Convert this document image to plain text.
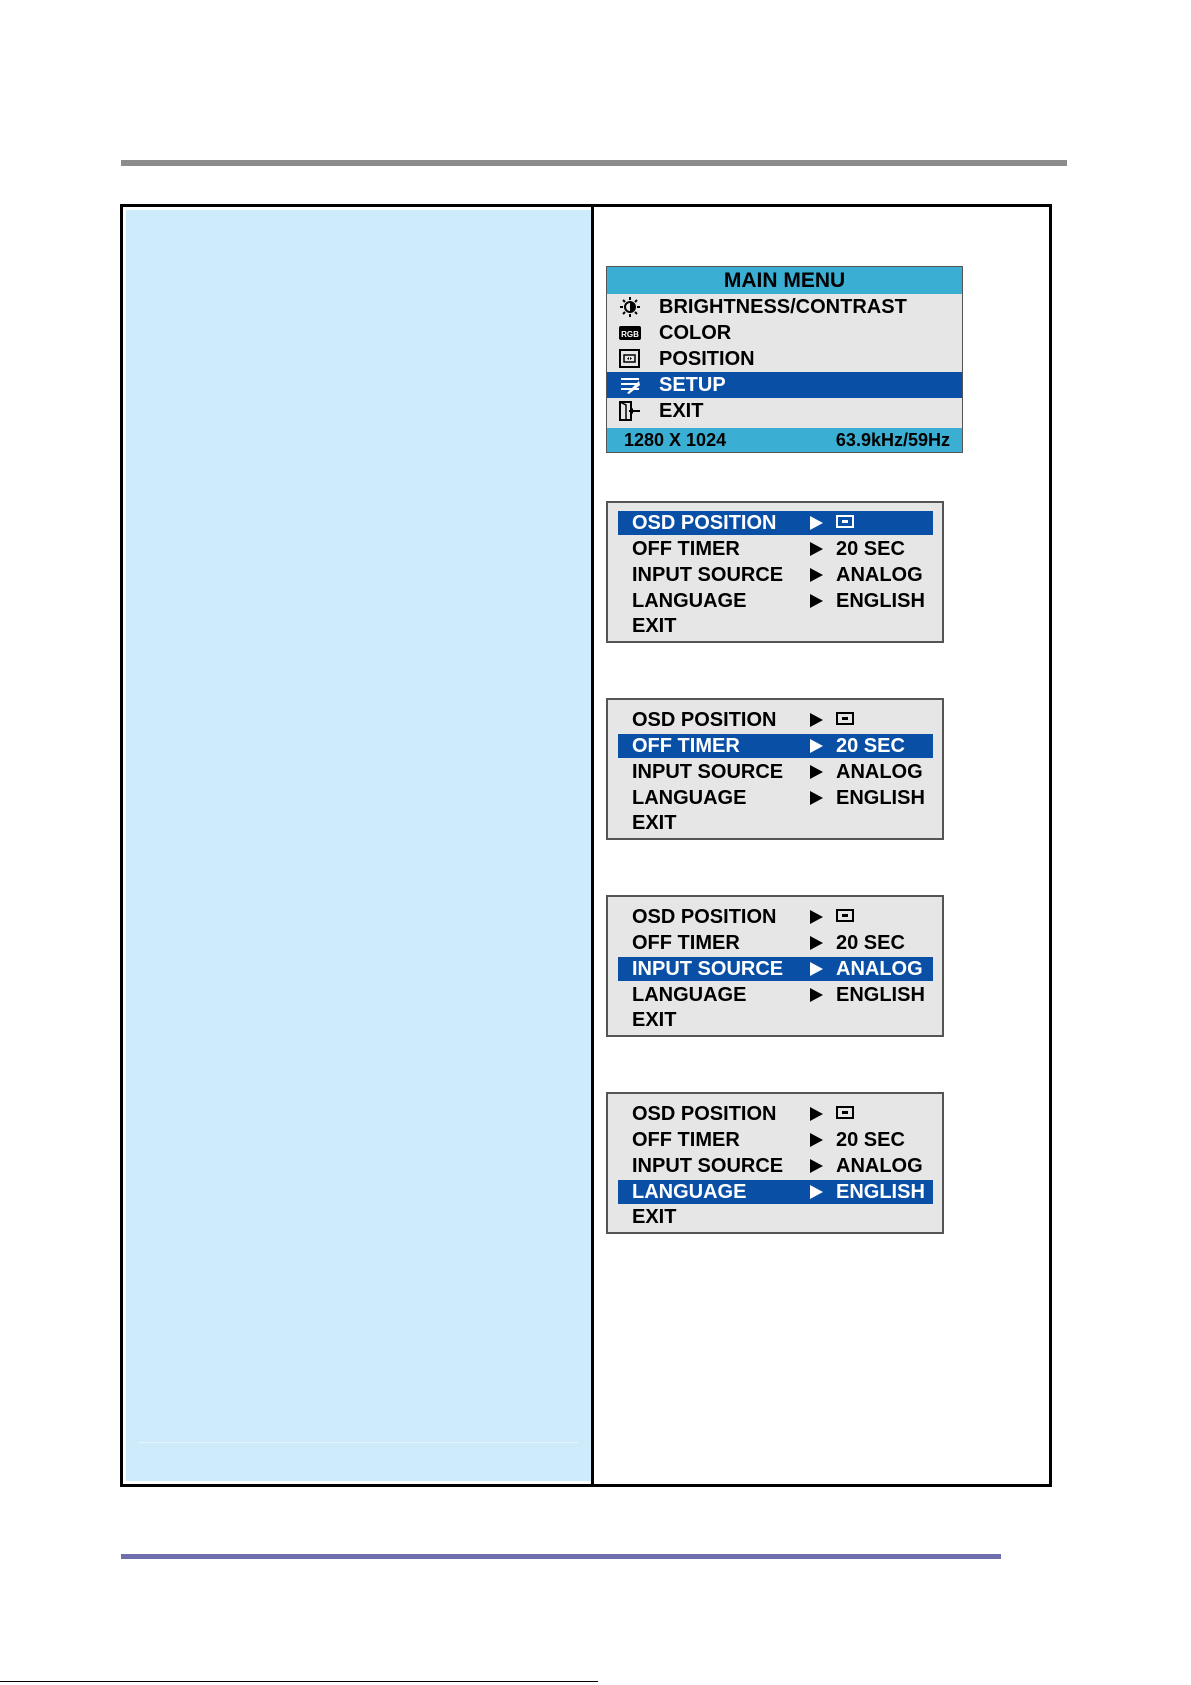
MAIN MENU
BRIGHTNESS/CONTRAST
RGB COLOR
POSITION
SETUP
EXIT
1280 X 1024	63.9kHz/59Hz
OSD POSITION
OFF TIMER	20 SEC
INPUT SOURCE	ANALOG
LANGUAGE	ENGLISH
EXIT
OSD POSITION
OFF TIMER	20 SEC
INPUT SOURCE	ANALOG
LANGUAGE	ENGLISH
EXIT
OSD POSITION
OFF TIMER	20 SEC
INPUT SOURCE	ANALOG
LANGUAGE	ENGLISH
EXIT
OSD POSITION
OFF TIMER	20 SEC
INPUT SOURCE	ANALOG
LANGUAGE	ENGLISH
EXIT
